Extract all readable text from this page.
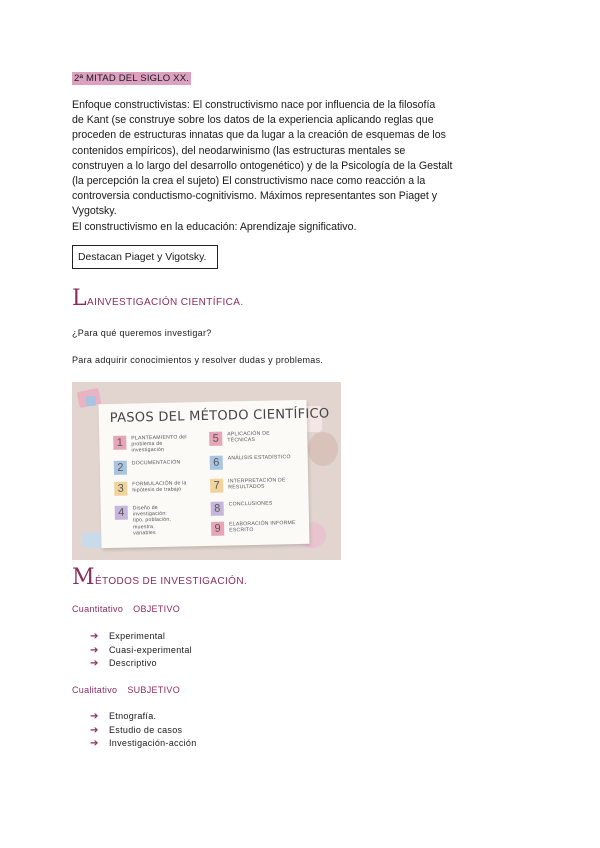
2ª MITAD DEL SIGLO XX.

Enfoque constructivistas: El constructivismo nace por influencia de la filosofía

de Kant (se construye sobre los datos de la experiencia aplicando reglas que

proceden de estructuras innatas que da lugar a la creación de esquemas de los

contenidos empíricos), del neodarwinismo (las estructuras mentales se

construyen a lo largo del desarrollo ontogenético) y de la Psicología de la Gestalt

(la percepción la crea el sujeto) El constructivismo nace como reacción a la

controversia conductismo-cognitivismo. Máximos representantes son Piaget y

Vygotsky.

El constructivismo en la educación: Aprendizaje significativo.

Destacan Piaget y Vigotsky.
LAINVESTIGACIÓN CIENTÍFICA.
¿Para qué queremos investigar?
Para adquirir conocimientos y resolver dudas y problemas.
PASOS DEL MÉTODO CIENTÍFICO
1	PLANTEAMIENTO del problema de investigación
2	DOCUMENTACIÓN
3	FORMULACIÓN de la hipótesis de trabajo
4	Diseño de investigación: tipo, población, muestra, variables
5	APLICACIÓN DE TÉCNICAS
6	ANÁLISIS ESTADÍSTICO
7	INTERPRETACIÓN DE RESULTADOS
8	CONCLUSIONES
9	ELABORACIÓN INFORME ESCRITO
MÉTODOS DE INVESTIGACIÓN.
Cuantitativo OBJETIVO
➔ Experimental
➔ Cuasi-experimental
➔ Descriptivo
Cualitativo SUBJETIVO
➔ Etnografía.
➔ Estudio de casos
➔ Investigación-acción
